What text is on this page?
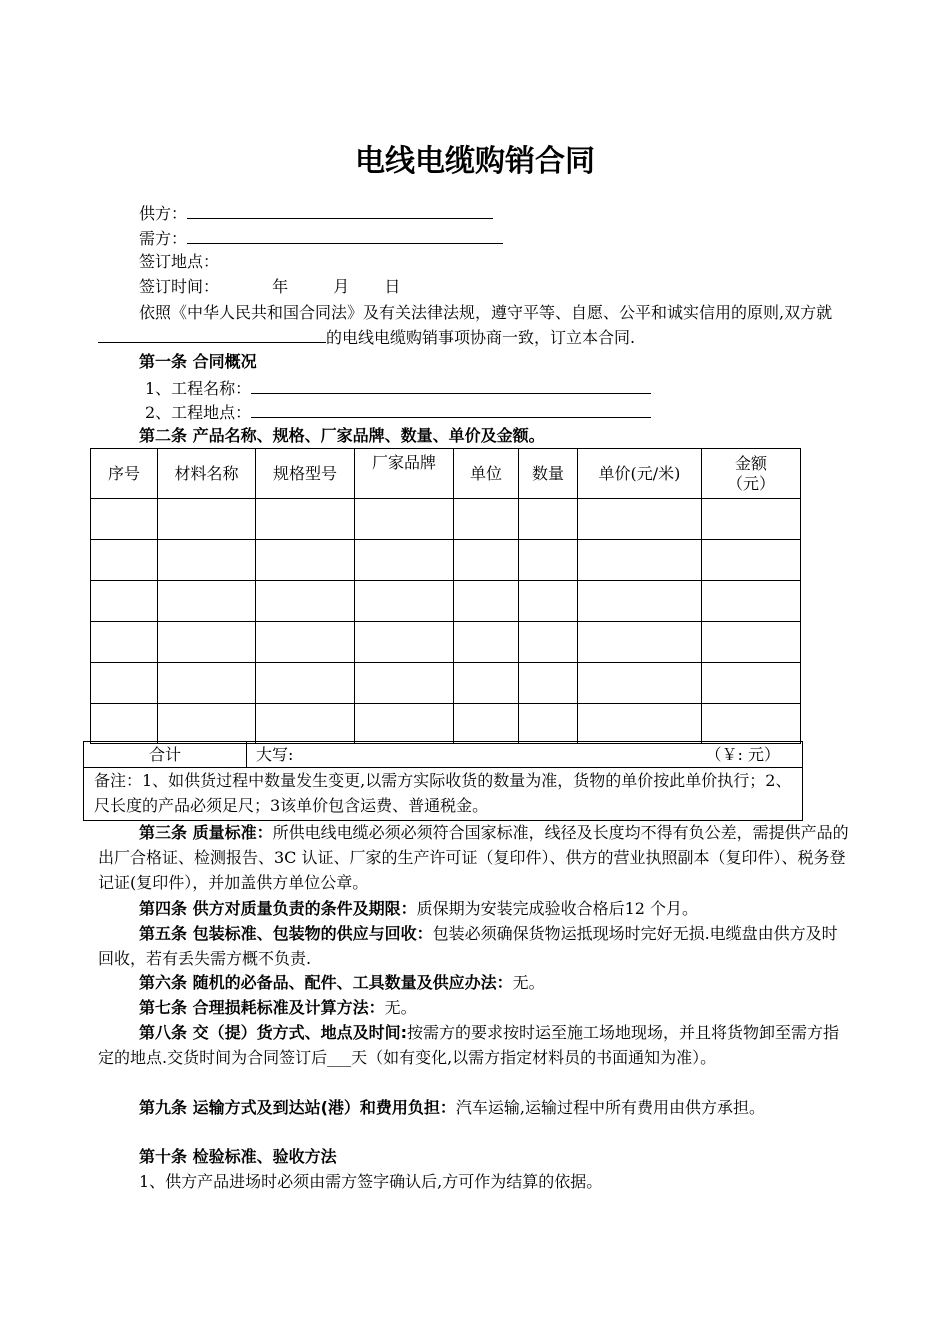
电线电缆购销合同
供方：
需方：
签订地点：
签订时间：	年	月 日
依照《中华人民共和国合同法》及有关法律法规，遵守平等、自愿、公平和诚实信用的原则,双方就的电线电缆购销事项协商一致，订立本合同.
第一条 合同概况
1、工程名称：
2、工程地点：
第二条 产品名称、规格、厂家品牌、数量、单价及金额。
序号	材料名称	规格型号	厂家品牌	单位	数量	单价(元/米)	金额（元）

合计	大写:	（￥: 元）
备注：1、如供货过程中数量发生变更,以需方实际收货的数量为准，货物的单价按此单价执行；2、尺长度的产品必须足尺；3该单价包含运费、普通税金。
第三条 质量标准：所供电线电缆必须必须符合国家标准，线径及长度均不得有负公差，需提供产品的出厂合格证、检测报告、3C 认证、厂家的生产许可证（复印件）、供方的营业执照副本（复印件）、税务登记证(复印件），并加盖供方单位公章。
第四条 供方对质量负责的条件及期限：质保期为安装完成验收合格后12 个月。
第五条 包装标准、包装物的供应与回收：包装必须确保货物运抵现场时完好无损.电缆盘由供方及时回收，若有丢失需方概不负责.
第六条 随机的必备品、配件、工具数量及供应办法：无。
第七条 合理损耗标准及计算方法：无。
第八条 交（提）货方式、地点及时间:按需方的要求按时运至施工场地现场，并且将货物卸至需方指定的地点.交货时间为合同签订后___天（如有变化,以需方指定材料员的书面通知为准）。
第九条 运输方式及到达站(港）和费用负担：汽车运输,运输过程中所有费用由供方承担。
第十条 检验标准、验收方法
1、供方产品进场时必须由需方签字确认后,方可作为结算的依据。
